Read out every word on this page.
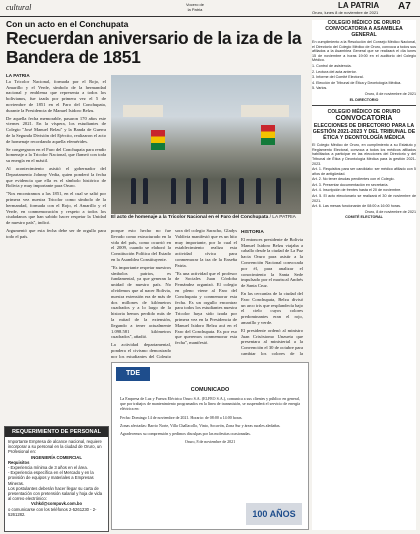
cultural	Vocero de
la Patria	LA PATRIA
Oruro, lunes 8 de noviembre de 2021
A7
Con un acto en el Conchupata
Recuerdan aniversario de la iza de la Bandera de 1851
LA PATRIA

La Tricolor Nacional, formada por el Rojo, el Amarillo y el Verde, símbolo de la hermandad nacional y emblema que representa a todos los bolivianos, fue izada por primera vez el 5 de noviembre de 1851 en el Faro del Conchupata, durante la Presidencia de Manuel Isidoro Belzu.

De aquella fecha memorable, pasaron 170 años este viernes 2021. En la víspera, los estudiantes de Colegio "José Manuel Belzu" y la Banda de Guerra de la Segunda División del Ejército, realizaron el acto de homenaje recordando aquella efemérides.

Se congregaron en el Faro del Conchupata para rendir homenaje a la Tricolor Nacional, que flameó con toda su energía en el mástil.

Al acontecimiento asistió el gobernador del Departamento Johnny Vedia, quien ponderó la fecha que evidencia que ella es el símbolo histórico de Bolivia y muy importante para Oruro.

"Nos encontramos a las 1851, en el cual se salió por primera vez nuestra Tricolor como símbolo de la hermandad, formada con el Rojo, el Amarillo y el Verde, en conmemoración y respeto a todos los ciudadanos que han sabido hacer respetar la Unidad de nuestro país", indicó.

Argumentó que esta fecha debe ser de orgullo para todo el país.

El acto de homenaje a la Tricolor Nacional en el Faro del Conchupata / LA PATRIA

porque esto hecho no fue llevado como estructurado en la vida del país, como ocurrió en el 2009, cuando se elaboró la Constitución Política del Estado en la Asamblea Constituyente.

"Es importante respetar nuestros símbolos patrios, es fundamental, ya que generan la unidad de nuestro país. No olvidemos que al nacer Bolivia, nuestra extensión era de más de dos millones de kilómetros cuadrados y a lo largo de la historia hemos perdido más de la mitad de la extensión, llegando a tener actualmente 1.098.581 kilómetros cuadrados", añadió.

La actividad departamental, pondera el civismo demostrado por los estudiantes del Colegio

sora del colegio Saracho, Gladys Valdivia manifestó que es un hito muy importante, por lo cual el establecimiento realiza esta actividad cívica para conmemorar la iza de la Enseña Patria.

"Es una actividad que el profesor de Sociales Juan Córdoba Fernández organizó. El colegio en pleno viene al Faro del Conchupata y conmemorar esta fecha. Es un orgullo encontrar para todos los estudiantes nuestra Tricolor haya sido izada por primera vez en la Presidencia de Manuel Isidoro Belzu acá en el Faro del Conchupata. Es por eso que queremos conmemorar esta fecha", manifestó.

HISTORIA

El entonces presidente de Bolivia Manuel Isidoro Belzu viajaba a caballo desde la ciudad de La Paz hacia Oruro para asistir a la Convención Nacional convocada por él, para analizar el conocimiento la Santa Sede impulsado por el mariscal Andrés de Santa Cruz.

En las cercanías de la ciudad del Faro Conchupata, Belzu divisó un arco iris que resplandecía bajo el cielo cuyos colores predominantes eran el rojo, amarillo y verde.

El presidente ordenó al ministro Juan Crisóstomo Unzueta que presentara al ministerial a la Convención el 30 de octubre para cambiar los colores de la

TDE
COMUNICADO

La Empresa de Luz y Fuerza Eléctrica Oruro S.A. (ELFEO S.A.), comunica a sus clientes y público en general, que por trabajos de mantenimiento programados en la línea de transmisión, se suspenderá el servicio de energía eléctrica en:

Fecha: Domingo 14 de noviembre de 2021. Horario: de 08:00 a 14:00 horas.

Zonas afectadas: Barrio Norte, Villa Challacollo, Vinto, Socavón, Zona Sur y áreas rurales aledañas.

Agradecemos su comprensión y pedimos disculpas por las molestias ocasionadas.

Oruro, 8 de noviembre de 2021

100 AÑOS
REQUERIMIENTO DE PERSONAL
Importante Empresa de alcance nacional, requiere incorporar a su personal en la ciudad de Oruro, un Profesional en:
INGENIERÍA COMERCIAL
Requisitos
- Experiencia mínima de 3 años en el área.
- Experiencia específica en el Mercado y en la provisión de equipos y materiales a Empresas Mineras.
Los postulantes deberán hacer llegar su carta de presentación con pretensión salarial y hoja de vida al correo electrónico:
Vchkd@compuvk.com.bo
o comunicarse con los teléfonos 2-5261230 - 2-5261282.
COLEGIO MÉDICO DE ORURO
CONVOCATORIA A ASAMBLEA GENERAL
En cumplimiento a la Resolución del Consejo Médico Nacional, el Directorio del Colegio Médico de Oruro, convoca a todos sus afiliados a la Asamblea General que se realizará el día lunes 15 de noviembre a horas 19:00 en el auditorio del Colegio Médico.
1. Control de asistencia.
2. Lectura del acta anterior.
3. Informe del Comité Electoral.
4. Elección de Tribunal de Ética y Deontología Médica.
5. Varios.
Oruro, 8 de noviembre de 2021
EL DIRECTORIO
COLEGIO MÉDICO DE ORURO
CONVOCATORIA
ELECCIONES DE DIRECTORIO PARA LA GESTIÓN 2021-2023 Y DEL TRIBUNAL DE ÉTICA Y DEONTOLOGÍA MÉDICA
El Colegio Médico de Oruro, en cumplimiento a su Estatuto y Reglamento Electoral, convoca a todos los médicos afiliados habilitados a participar en las elecciones del Directorio y del Tribunal de Ética y Deontología Médica para la gestión 2021-2023.
Art. 1. Requisitos para ser candidato: ser médico afiliado con 5 años de antigüedad.
Art. 2. No tener deudas pendientes con el Colegio.
Art. 3. Presentar documentación en secretaría.
Art. 4. Inscripción de frentes hasta el 20 de noviembre.
Art. 5. El acto eleccionario se realizará el 30 de noviembre de 2021.
Art. 6. Las mesas funcionarán de 08:00 a 16:00 horas.
Oruro, 8 de noviembre de 2021
COMITÉ ELECTORAL
